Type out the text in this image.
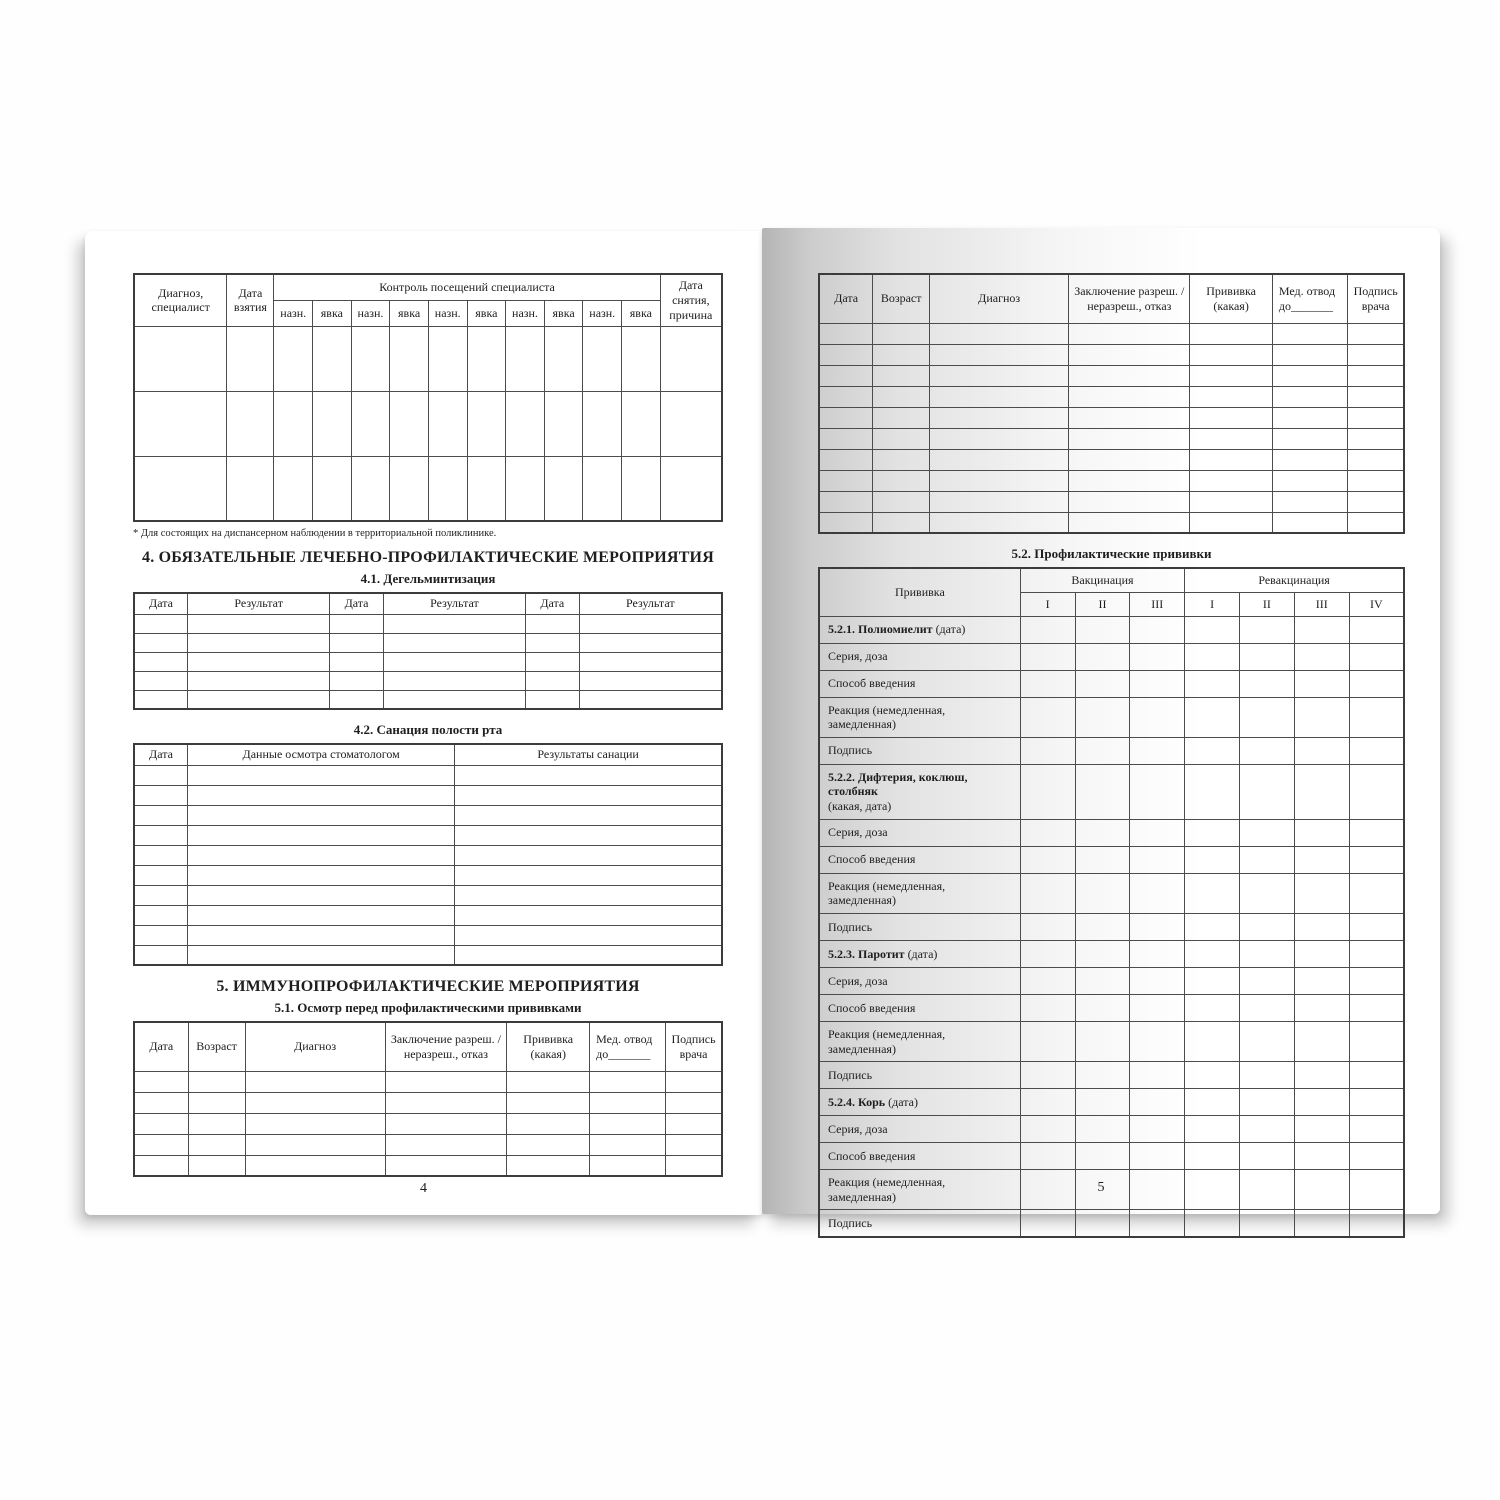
Диагноз, специалист	Дата взятия	Контроль посещений специалиста										Дата снятия, причина
		назн.	явка	назн.	явка	назн.	явка	назн.	явка	назн.	явка	

* Для состоящих на диспансерном наблюдении в территориальной поликлинике.
4. ОБЯЗАТЕЛЬНЫЕ ЛЕЧЕБНО-ПРОФИЛАКТИЧЕСКИЕ МЕРОПРИЯТИЯ
4.1. Дегельминтизация
Дата	Результат	Дата	Результат	Дата	Результат

4.2. Санация полости рта
Дата	Данные осмотра стоматологом	Результаты санации

5. ИММУНОПРОФИЛАКТИЧЕСКИЕ МЕРОПРИЯТИЯ
5.1. Осмотр перед профилактическими прививками
Дата	Возраст	Диагноз	Заключение разреш. / неразреш., отказ	Прививка (какая)	Мед. отвод до_______	Подпись врача

4
Дата	Возраст	Диагноз	Заключение разреш. / неразреш., отказ	Прививка (какая)	Мед. отвод до_______	Подпись врача

5.2. Профилактические прививки
Прививка	Вакцинация			Ревакцинация			
	I	II	III	I	II	III	IV
5.2.1. Полиомиелит (дата)							
Серия, доза							
Способ введения							
Реакция (немедленная, замедленная)							
Подпись							
5.2.2. Дифтерия, коклюш, столбняк
(какая, дата)							
Серия, доза							
Способ введения							
Реакция (немедленная, замедленная)							
Подпись							
5.2.3. Паротит (дата)							
Серия, доза							
Способ введения							
Реакция (немедленная, замедленная)							
Подпись							
5.2.4. Корь (дата)							
Серия, доза							
Способ введения							
Реакция (немедленная, замедленная)							
Подпись							
5
